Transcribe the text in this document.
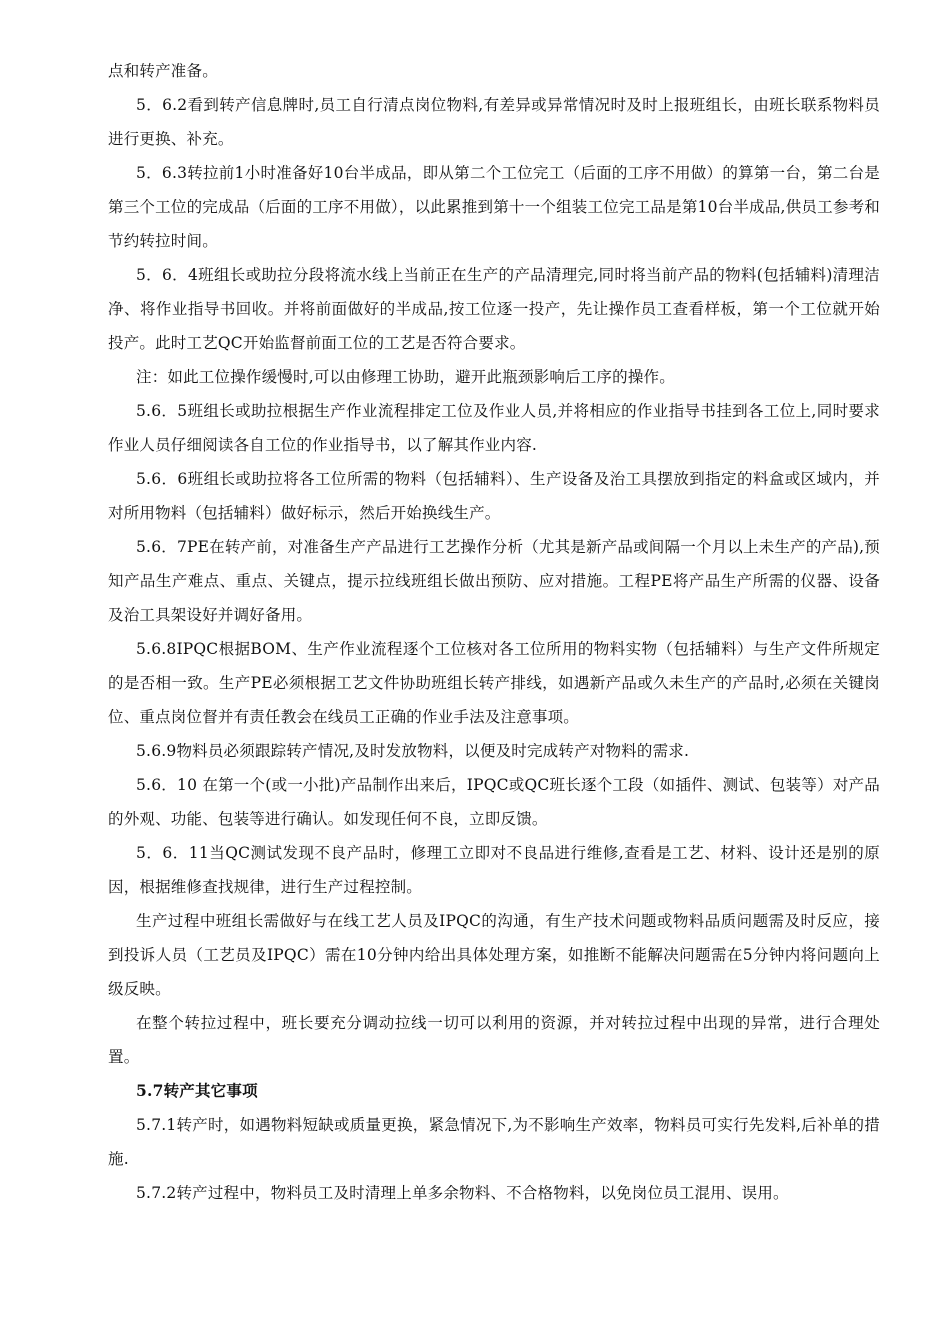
点和转产准备。

5．6.2看到转产信息牌时,员工自行清点岗位物料,有差异或异常情况时及时上报班组长，由班长联系物料员进行更换、补充。

5．6.3转拉前1小时准备好10台半成品，即从第二个工位完工（后面的工序不用做）的算第一台，第二台是第三个工位的完成品（后面的工序不用做），以此累推到第十一个组装工位完工品是第10台半成品,供员工参考和节约转拉时间。

5．6．4班组长或助拉分段将流水线上当前正在生产的产品清理完,同时将当前产品的物料(包括辅料)清理洁净、将作业指导书回收。并将前面做好的半成品,按工位逐一投产，先让操作员工查看样板，第一个工位就开始投产。此时工艺QC开始监督前面工位的工艺是否符合要求。

注：如此工位操作缓慢时,可以由修理工协助，避开此瓶颈影响后工序的操作。

5.6．5班组长或助拉根据生产作业流程排定工位及作业人员,并将相应的作业指导书挂到各工位上,同时要求作业人员仔细阅读各自工位的作业指导书，以了解其作业内容.

5.6．6班组长或助拉将各工位所需的物料（包括辅料）、生产设备及治工具摆放到指定的料盒或区域内，并对所用物料（包括辅料）做好标示，然后开始换线生产。

5.6．7PE在转产前，对准备生产产品进行工艺操作分析（尤其是新产品或间隔一个月以上未生产的产品),预知产品生产难点、重点、关键点，提示拉线班组长做出预防、应对措施。工程PE将产品生产所需的仪器、设备及治工具架设好并调好备用。

5.6.8IPQC根据BOM、生产作业流程逐个工位核对各工位所用的物料实物（包括辅料）与生产文件所规定的是否相一致。生产PE必须根据工艺文件协助班组长转产排线，如遇新产品或久未生产的产品时,必须在关键岗位、重点岗位督并有责任教会在线员工正确的作业手法及注意事项。

5.6.9物料员必须跟踪转产情况,及时发放物料，以便及时完成转产对物料的需求.

5.6．10 在第一个(或一小批)产品制作出来后，IPQC或QC班长逐个工段（如插件、测试、包装等）对产品的外观、功能、包装等进行确认。如发现任何不良，立即反馈。

5．6．11当QC测试发现不良产品时，修理工立即对不良品进行维修,查看是工艺、材料、设计还是别的原因，根据维修查找规律，进行生产过程控制。

生产过程中班组长需做好与在线工艺人员及IPQC的沟通，有生产技术问题或物料品质问题需及时反应，接到投诉人员（工艺员及IPQC）需在10分钟内给出具体处理方案，如推断不能解决问题需在5分钟内将问题向上级反映。

在整个转拉过程中，班长要充分调动拉线一切可以利用的资源，并对转拉过程中出现的异常，进行合理处置。

5.7转产其它事项

5.7.1转产时，如遇物料短缺或质量更换，紧急情况下,为不影响生产效率，物料员可实行先发料,后补单的措施.

5.7.2转产过程中，物料员工及时清理上单多余物料、不合格物料，以免岗位员工混用、误用。
